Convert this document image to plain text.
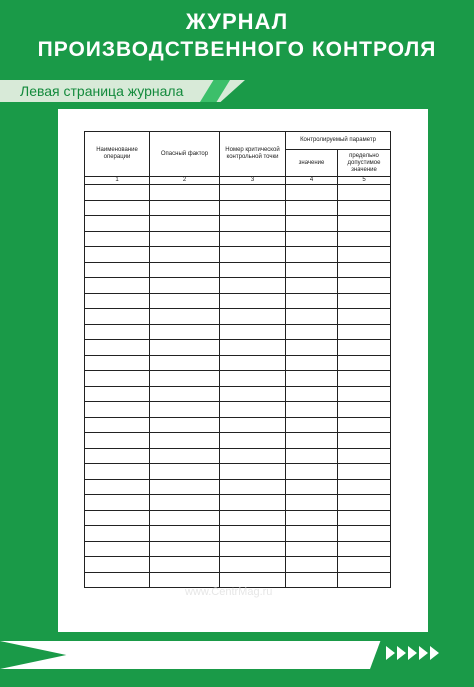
ЖУРНАЛ
ПРОИЗВОДСТВЕННОГО КОНТРОЛЯ
Левая страница журнала
Наименование операции	Опасный фактор	Номер критической контрольной точки	Контролируемый параметр	
			значение	предельно допустимое значение
1	2	3	4	5

www.CentrMag.ru
